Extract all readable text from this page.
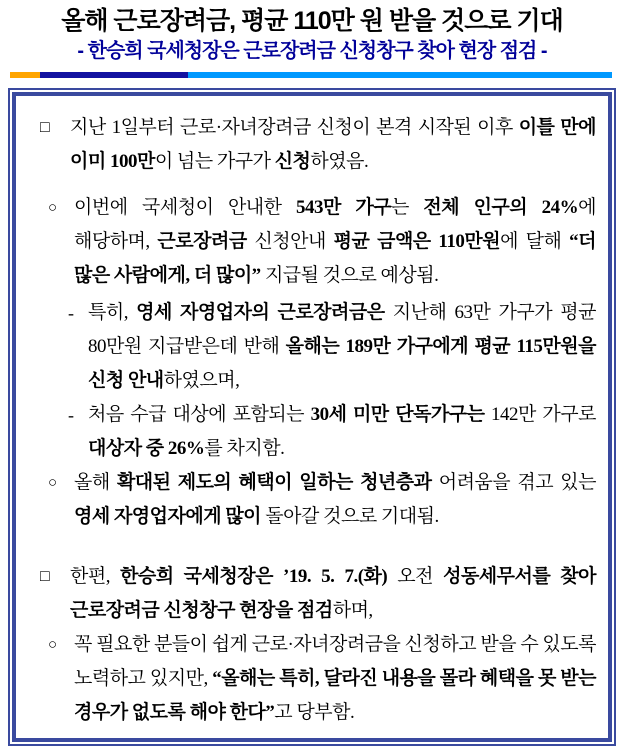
올해 근로장려금, 평균 110만 원 받을 것으로 기대
- 한승희 국세청장은 근로장려금 신청창구 찾아 현장 점검 -
□	지난 1일부터 근로·자녀장려금 신청이 본격 시작된 이후 이틀 만에 이미 100만이 넘는 가구가 신청하였음.
○ 이번에 국세청이 안내한 543만 가구는 전체 인구의 24%에 해당하며, 근로장려금 신청안내 평균 금액은 110만원에 달해 “더 많은 사람에게, 더 많이” 지급될 것으로 예상됨.
- 특히, 영세 자영업자의 근로장려금은 지난해 63만 가구가 평균 80만원 지급받은데 반해 올해는 189만 가구에게 평균 115만원을 신청 안내하였으며,
- 처음 수급 대상에 포함되는 30세 미만 단독가구는 142만 가구로 대상자 중 26%를 차지함.
○ 올해 확대된 제도의 혜택이 일하는 청년층과 어려움을 겪고 있는 영세 자영업자에게 많이 돌아갈 것으로 기대됨.
□	한편, 한승희 국세청장은 ’19. 5. 7.(화) 오전 성동세무서를 찾아 근로장려금 신청창구 현장을 점검하며,
○ 꼭 필요한 분들이 쉽게 근로·자녀장려금을 신청하고 받을 수 있도록 노력하고 있지만, “올해는 특히, 달라진 내용을 몰라 혜택을 못 받는 경우가 없도록 해야 한다”고 당부함.
